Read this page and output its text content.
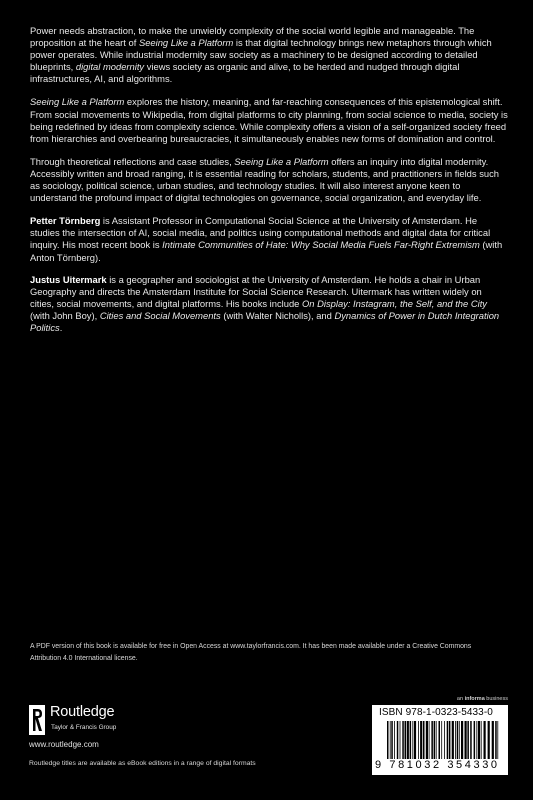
Power needs abstraction, to make the unwieldy complexity of the social world legible and manageable. The proposition at the heart of Seeing Like a Platform is that digital technology brings new metaphors through which power operates. While industrial modernity saw society as a machinery to be designed according to detailed blueprints, digital modernity views society as organic and alive, to be herded and nudged through digital infrastructures, AI, and algorithms.

Seeing Like a Platform explores the history, meaning, and far-reaching consequences of this epistemological shift. From social movements to Wikipedia, from digital platforms to city planning, from social science to media, society is being redefined by ideas from complexity science. While complexity offers a vision of a self-organized society freed from hierarchies and overbearing bureaucracies, it simultaneously enables new forms of domination and control.

Through theoretical reflections and case studies, Seeing Like a Platform offers an inquiry into digital modernity. Accessibly written and broad ranging, it is essential reading for scholars, students, and practitioners in fields such as sociology, political science, urban studies, and technology studies. It will also interest anyone keen to understand the profound impact of digital technologies on governance, social organization, and everyday life.

Petter Törnberg is Assistant Professor in Computational Social Science at the University of Amsterdam. He studies the intersection of AI, social media, and politics using computational methods and digital data for critical inquiry. His most recent book is Intimate Communities of Hate: Why Social Media Fuels Far-Right Extremism (with Anton Törnberg).

Justus Uitermark is a geographer and sociologist at the University of Amsterdam. He holds a chair in Urban Geography and directs the Amsterdam Institute for Social Science Research. Uitermark has written widely on cities, social movements, and digital platforms. His books include On Display: Instagram, the Self, and the City (with John Boy), Cities and Social Movements (with Walter Nicholls), and Dynamics of Power in Dutch Integration Politics.

A PDF version of this book is available for free in Open Access at www.taylorfrancis.com. It has been made available under a Creative Commons Attribution 4.0 International license.
an informa business
ISBN 978-1-0323-5433-0
9 781032 354330
Routledge
Taylor & Francis Group
www.routledge.com
Routledge titles are available as eBook editions in a range of digital formats
